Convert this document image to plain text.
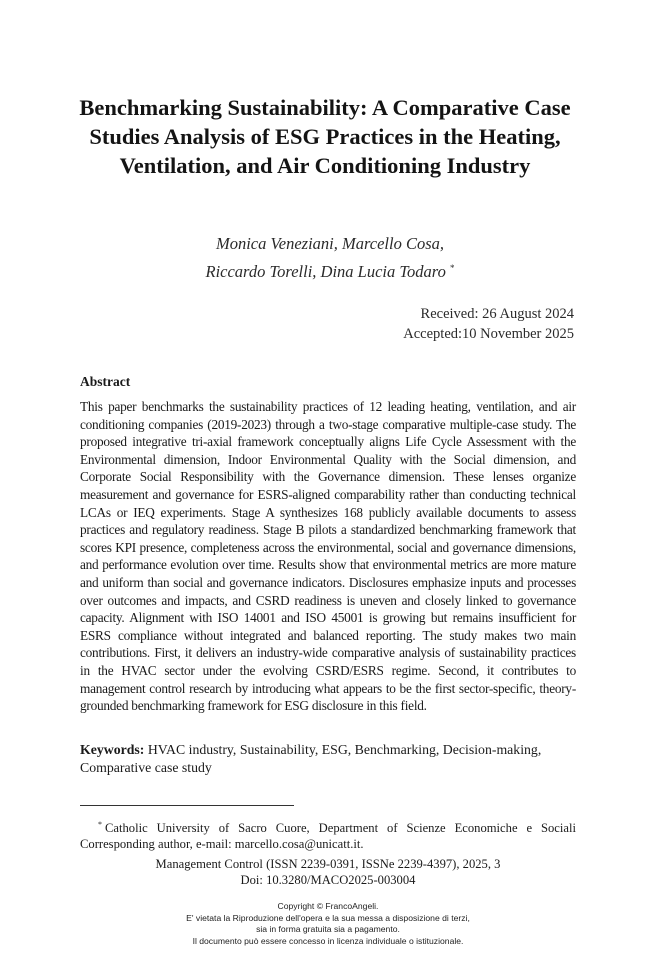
Benchmarking Sustainability: A Comparative Case Studies Analysis of ESG Practices in the Heating, Ventilation, and Air Conditioning Industry
Monica Veneziani, Marcello Cosa,
Riccardo Torelli, Dina Lucia Todaro *
Received: 26 August 2024
Accepted:10 November 2025
Abstract
This paper benchmarks the sustainability practices of 12 leading heating, ventilation, and air conditioning companies (2019-2023) through a two-stage comparative multiple-case study. The proposed integrative tri-axial framework conceptually aligns Life Cycle Assessment with the Environmental dimension, Indoor Environmental Quality with the Social dimension, and Corporate Social Responsibility with the Governance dimension. These lenses organize measurement and governance for ESRS-aligned comparability rather than conducting technical LCAs or IEQ experiments. Stage A synthesizes 168 publicly available documents to assess practices and regulatory readiness. Stage B pilots a standardized benchmarking framework that scores KPI presence, completeness across the environmental, social and governance dimensions, and performance evolution over time. Results show that environmental metrics are more mature and uniform than social and governance indicators. Disclosures emphasize inputs and processes over outcomes and impacts, and CSRD readiness is uneven and closely linked to governance capacity. Alignment with ISO 14001 and ISO 45001 is growing but remains insufficient for ESRS compliance without integrated and balanced reporting. The study makes two main contributions. First, it delivers an industry-wide comparative analysis of sustainability practices in the HVAC sector under the evolving CSRD/ESRS regime. Second, it contributes to management control research by introducing what appears to be the first sector-specific, theory-grounded benchmarking framework for ESG disclosure in this field.
Keywords: HVAC industry, Sustainability, ESG, Benchmarking, Decision-making, Comparative case study
* Catholic University of Sacro Cuore, Department of Scienze Economiche e Sociali
Corresponding author, e-mail: marcello.cosa@unicatt.it.
Management Control (ISSN 2239-0391, ISSNe 2239-4397), 2025, 3
Doi: 10.3280/MACO2025-003004
Copyright © FrancoAngeli.
E' vietata la Riproduzione dell'opera e la sua messa a disposizione di terzi,
sia in forma gratuita sia a pagamento.
Il documento può essere concesso in licenza individuale o istituzionale.
